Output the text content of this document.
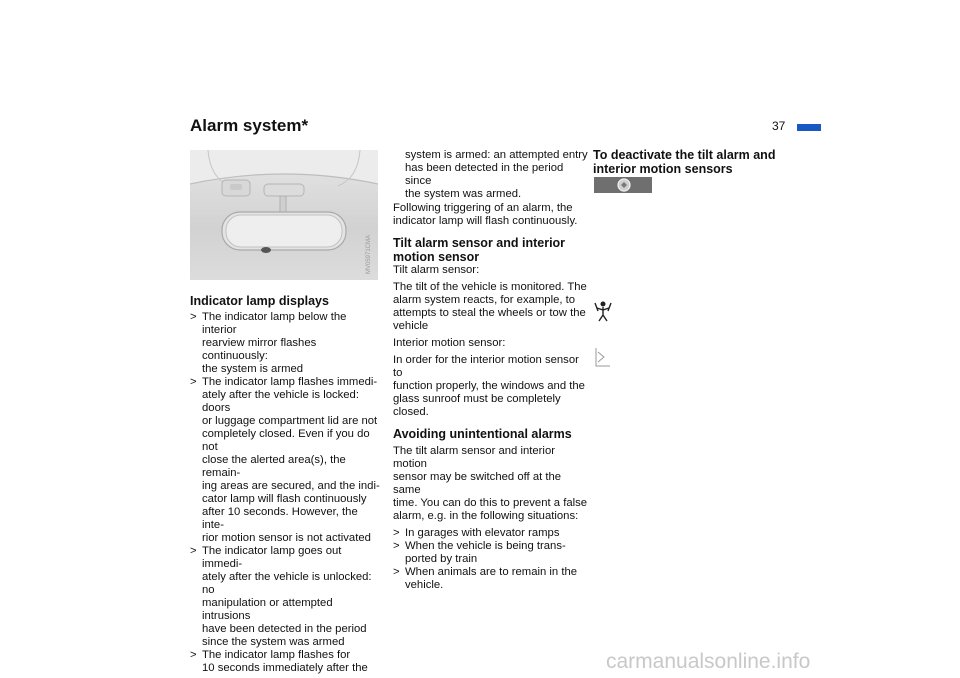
Alarm system*	37
MV05971CMA
Indicator lamp displays
> The indicator lamp below the interior
rearview mirror flashes continuously:
the system is armed
> The indicator lamp flashes immedi-
ately after the vehicle is locked: doors
or luggage compartment lid are not
completely closed. Even if you do not
close the alerted area(s), the remain-
ing areas are secured, and the indi-
cator lamp will flash continuously
after 10 seconds. However, the inte-
rior motion sensor is not activated
> The indicator lamp goes out immedi-
ately after the vehicle is unlocked: no
manipulation or attempted intrusions
have been detected in the period
since the system was armed
> The indicator lamp flashes for
10 seconds immediately after the
system is armed: an attempted entry
has been detected in the period since
the system was armed.
Following triggering of an alarm, the
indicator lamp will flash continuously.
Tilt alarm sensor and interior
motion sensor

Tilt alarm sensor:

The tilt of the vehicle is monitored. The
alarm system reacts, for example, to
attempts to steal the wheels or tow the
vehicle

Interior motion sensor:

In order for the interior motion sensor to
function properly, the windows and the
glass sunroof must be completely
closed.
Avoiding unintentional alarms
The tilt alarm sensor and interior motion
sensor may be switched off at the same
time. You can do this to prevent a false
alarm, e.g. in the following situations:
> In garages with elevator ramps
> When the vehicle is being trans-
ported by train
> When animals are to remain in the
vehicle.
To deactivate the tilt alarm and
interior motion sensors
carmanualsonline.info
